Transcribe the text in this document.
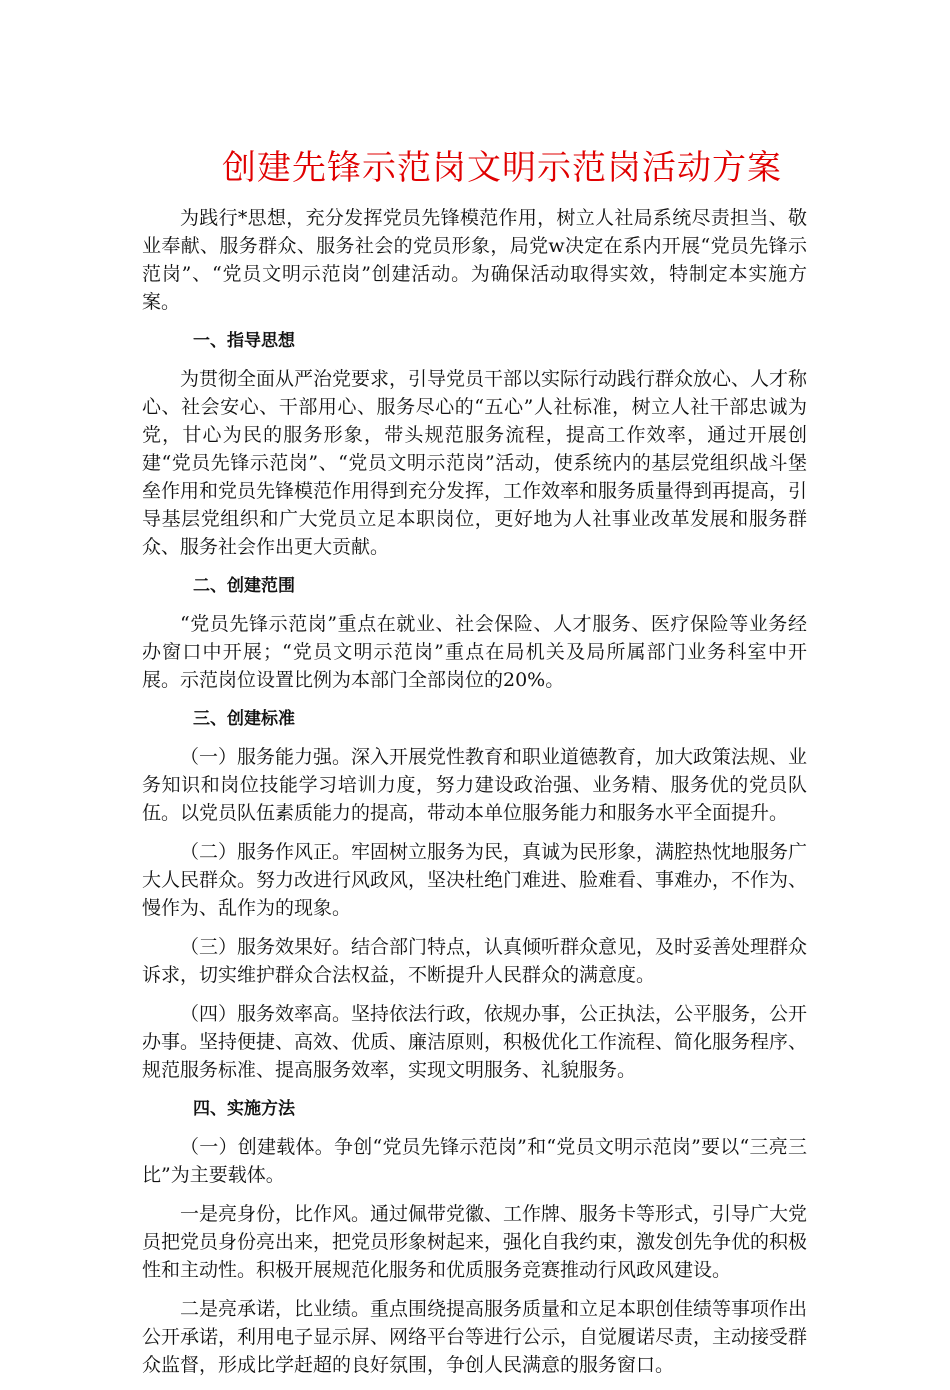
创建先锋示范岗文明示范岗活动方案

为践行*思想，充分发挥党员先锋模范作用，树立人社局系统尽责担当、敬业奉献、服务群众、服务社会的党员形象，局党w决定在系内开展“党员先锋示范岗”、“党员文明示范岗”创建活动。为确保活动取得实效，特制定本实施方案。

一、指导思想

为贯彻全面从严治党要求，引导党员干部以实际行动践行群众放心、人才称心、社会安心、干部用心、服务尽心的“五心”人社标准，树立人社干部忠诚为党，甘心为民的服务形象，带头规范服务流程，提高工作效率，通过开展创建“党员先锋示范岗”、“党员文明示范岗”活动，使系统内的基层党组织战斗堡垒作用和党员先锋模范作用得到充分发挥，工作效率和服务质量得到再提高，引导基层党组织和广大党员立足本职岗位，更好地为人社事业改革发展和服务群众、服务社会作出更大贡献。

二、创建范围

“党员先锋示范岗”重点在就业、社会保险、人才服务、医疗保险等业务经办窗口中开展；“党员文明示范岗”重点在局机关及局所属部门业务科室中开展。示范岗位设置比例为本部门全部岗位的20%。

三、创建标准

（一）服务能力强。深入开展党性教育和职业道德教育，加大政策法规、业务知识和岗位技能学习培训力度，努力建设政治强、业务精、服务优的党员队伍。以党员队伍素质能力的提高，带动本单位服务能力和服务水平全面提升。

（二）服务作风正。牢固树立服务为民，真诚为民形象，满腔热忱地服务广大人民群众。努力改进行风政风，坚决杜绝门难进、脸难看、事难办，不作为、慢作为、乱作为的现象。

（三）服务效果好。结合部门特点，认真倾听群众意见，及时妥善处理群众诉求，切实维护群众合法权益，不断提升人民群众的满意度。

（四）服务效率高。坚持依法行政，依规办事，公正执法，公平服务，公开办事。坚持便捷、高效、优质、廉洁原则，积极优化工作流程、简化服务程序、规范服务标准、提高服务效率，实现文明服务、礼貌服务。

四、实施方法

（一）创建载体。争创“党员先锋示范岗”和“党员文明示范岗”要以“三亮三比”为主要载体。

一是亮身份，比作风。通过佩带党徽、工作牌、服务卡等形式，引导广大党员把党员身份亮出来，把党员形象树起来，强化自我约束，激发创先争优的积极性和主动性。积极开展规范化服务和优质服务竞赛推动行风政风建设。

二是亮承诺，比业绩。重点围绕提高服务质量和立足本职创佳绩等事项作出公开承诺，利用电子显示屏、网络平台等进行公示，自觉履诺尽责，主动接受群众监督，形成比学赶超的良好氛围，争创人民满意的服务窗口。
